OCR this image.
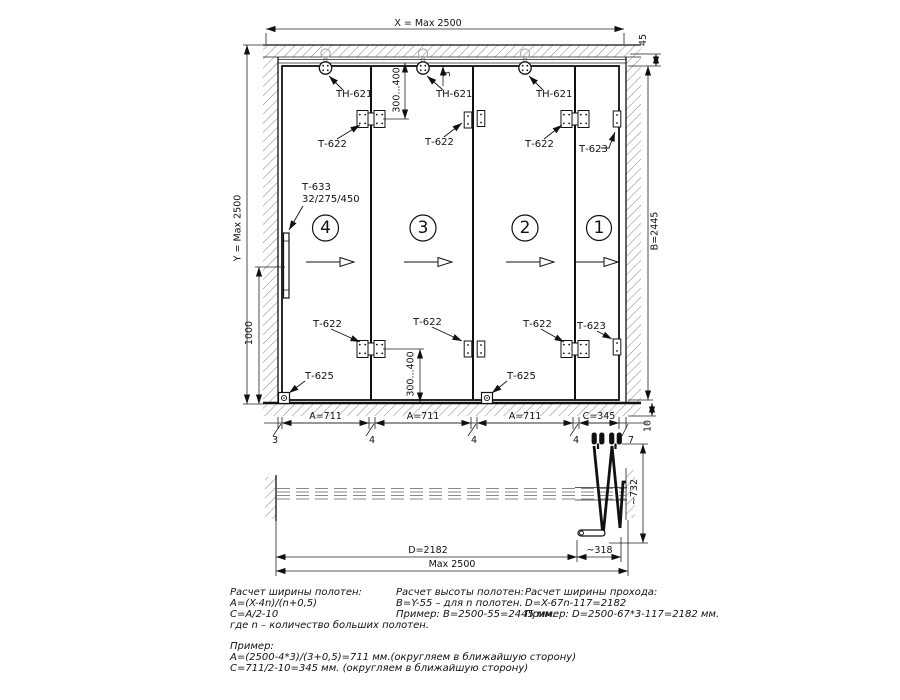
4	3	2	1
ТН-621	ТН-621	ТН-621
Т-622	Т-622	Т-622	Т-623
Т-633
32/275/450
Т-622	Т-622	Т-622	Т-623
Т-625	Т-625
X = Max 2500
Y = Max 2500
1000
45
B=2445
10
300...400	3
300...400
A=711	A=711	A=711	C=345
3	4	4	4	7
~732
D=2182	~318
Max 2500
Расчет ширины полотен:
A=(X-4n)/(n+0,5)
C=A/2-10
где n – количество больших полотен.
Расчет высоты полотен:
B=Y-55 – для n полотен.
Пример: B=2500-55=2445 мм.
Расчет ширины прохода:
D=X-67n-117=2182
Пример: D=2500-67*3-117=2182 мм.
Пример:
A=(2500-4*3)/(3+0,5)=711 мм.(округляем в ближайшую сторону)
C=711/2-10=345 мм. (округляем в ближайшую сторону)
